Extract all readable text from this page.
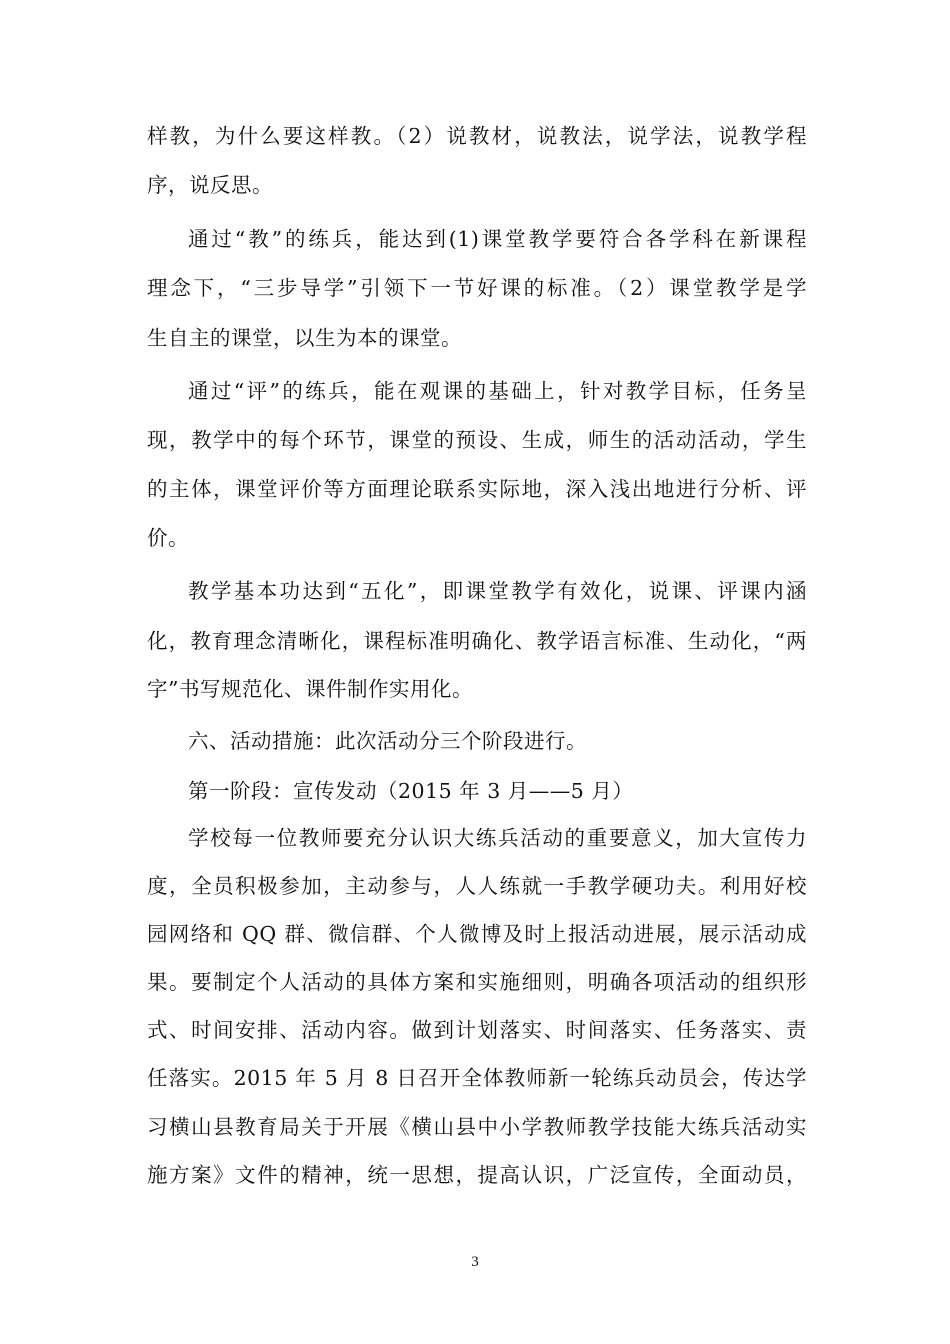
样教，为什么要这样教。（2）说教材，说教法，说学法，说教学程
序，说反思。
通过“教”的练兵，能达到(1)课堂教学要符合各学科在新课程
理念下，“三步导学”引领下一节好课的标准。（2）课堂教学是学
生自主的课堂，以生为本的课堂。
通过“评”的练兵，能在观课的基础上，针对教学目标，任务呈
现，教学中的每个环节，课堂的预设、生成，师生的活动活动，学生
的主体，课堂评价等方面理论联系实际地，深入浅出地进行分析、评
价。
教学基本功达到“五化”，即课堂教学有效化，说课、评课内涵
化，教育理念清晰化，课程标准明确化、教学语言标准、生动化，“两
字”书写规范化、课件制作实用化。
六、活动措施：此次活动分三个阶段进行。
第一阶段：宣传发动（2015 年 3 月——5 月）
学校每一位教师要充分认识大练兵活动的重要意义，加大宣传力
度，全员积极参加，主动参与，人人练就一手教学硬功夫。利用好校
园网络和 QQ 群、微信群、个人微博及时上报活动进展，展示活动成
果。要制定个人活动的具体方案和实施细则，明确各项活动的组织形
式、时间安排、活动内容。做到计划落实、时间落实、任务落实、责
任落实。2015 年 5 月 8 日召开全体教师新一轮练兵动员会，传达学
习横山县教育局关于开展《横山县中小学教师教学技能大练兵活动实
施方案》文件的精神，统一思想，提高认识，广泛宣传，全面动员，
3
